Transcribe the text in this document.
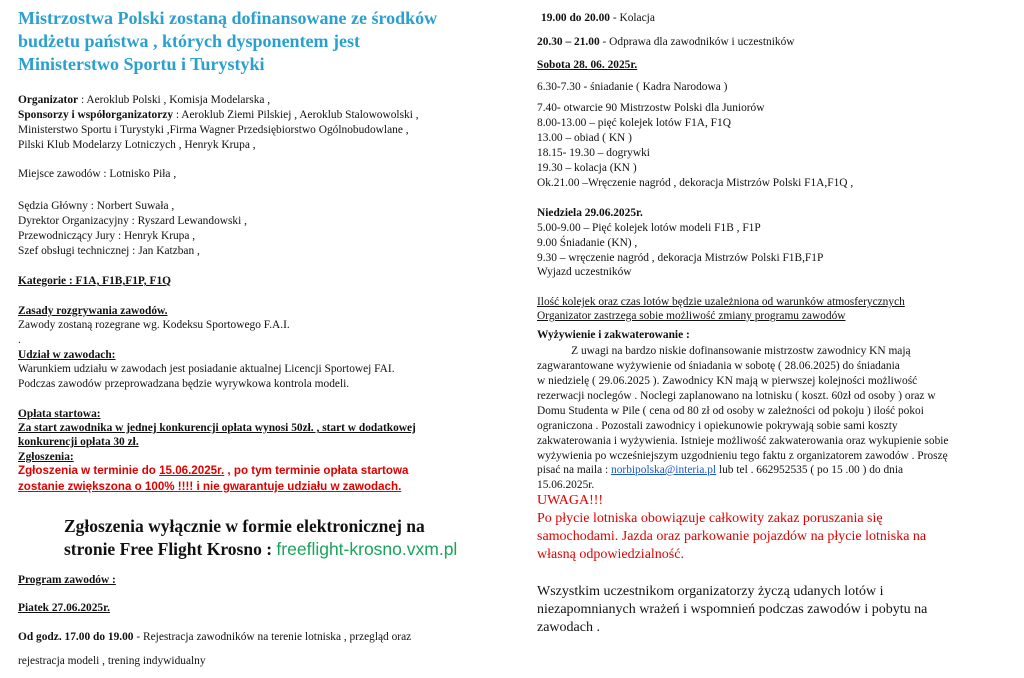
Mistrzostwa Polski zostaną dofinansowane ze środków
budżetu państwa , których dysponentem jest
Ministerstwo Sportu i Turystyki
Organizator : Aeroklub Polski , Komisja Modelarska ,
Sponsorzy i współorganizatorzy : Aeroklub Ziemi Pilskiej , Aeroklub Stalowowolski ,
Ministerstwo Sportu i Turystyki ,Firma Wagner Przedsiębiorstwo Ogólnobudowlane ,
Pilski Klub Modelarzy Lotniczych , Henryk Krupa ,
Miejsce zawodów : Lotnisko Piła ,
Sędzia Główny : Norbert Suwała ,
Dyrektor Organizacyjny : Ryszard Lewandowski ,
Przewodniczący Jury : Henryk Krupa ,
Szef obsługi technicznej : Jan Katzban ,
Kategorie : F1A, F1B,F1P, F1Q
Zasady rozgrywania zawodów.
Zawody zostaną rozegrane wg. Kodeksu Sportowego F.A.I.
.
Udział w zawodach:
Warunkiem udziału w zawodach jest posiadanie aktualnej Licencji Sportowej FAI.
Podczas zawodów przeprowadzana będzie wyrywkowa kontrola modeli.
Opłata startowa:
Za start zawodnika w jednej konkurencji opłata wynosi 50zł. , start w dodatkowej
konkurencji opłata 30 zł.
Zgłoszenia:
Zgłoszenia w terminie do 15.06.2025r. , po tym terminie opłata startowa
zostanie zwiększona o 100% !!!! i nie gwarantuje udziału w zawodach.
Zgłoszenia wyłącznie w formie elektronicznej na
stronie Free Flight Krosno : freeflight-krosno.vxm.pl
Program zawodów :
Piatek 27.06.2025r.
Od godz. 17.00 do 19.00 - Rejestracja zawodników na terenie lotniska , przegląd oraz
rejestracja modeli , trening indywidualny
19.00 do 20.00 - Kolacja
20.30 – 21.00 - Odprawa dla zawodników i uczestników
Sobota 28. 06. 2025r.
6.30-7.30 - śniadanie ( Kadra Narodowa )
7.40- otwarcie 90 Mistrzostw Polski dla Juniorów
8.00-13.00 – pięć kolejek lotów F1A, F1Q
13.00 – obiad ( KN )
18.15- 19.30 – dogrywki
19.30 – kolacja (KN )
Ok.21.00 –Wręczenie nagród , dekoracja Mistrzów Polski F1A,F1Q ,
Niedziela 29.06.2025r.
5.00-9.00 – Pięć kolejek lotów modeli F1B , F1P
9.00 Śniadanie (KN) ,
9.30 – wręczenie nagród , dekoracja Mistrzów Polski F1B,F1P
Wyjazd uczestników
Ilość kolejek oraz czas lotów będzie uzależniona od warunków atmosferycznych
Organizator zastrzega sobie możliwość zmiany programu zawodów
Wyżywienie i zakwaterowanie :
Z uwagi na bardzo niskie dofinansowanie mistrzostw zawodnicy KN mają
zagwarantowane wyżywienie od śniadania w sobotę ( 28.06.2025) do śniadania
w niedzielę ( 29.06.2025 ). Zawodnicy KN mają w pierwszej kolejności możliwość
rezerwacji noclegów . Noclegi zaplanowano na lotnisku ( koszt. 60zł od osoby ) oraz w
Domu Studenta w Pile ( cena od 80 zł od osoby w zależności od pokoju ) ilość pokoi
ograniczona . Pozostali zawodnicy i opiekunowie pokrywają sobie sami koszty
zakwaterowania i wyżywienia. Istnieje możliwość zakwaterowania oraz wykupienie sobie
wyżywienia po wcześniejszym uzgodnieniu tego faktu z organizatorem zawodów . Proszę
pisać na maila : norbipolska@interia.pl lub tel . 662952535 ( po 15 .00 ) do dnia
15.06.2025r.
UWAGA!!!
Po płycie lotniska obowiązuje całkowity zakaz poruszania się
samochodami. Jazda oraz parkowanie pojazdów na płycie lotniska na
własną odpowiedzialność.
Wszystkim uczestnikom organizatorzy życzą udanych lotów i
niezapomnianych wrażeń i wspomnień podczas zawodów i pobytu na
zawodach .
